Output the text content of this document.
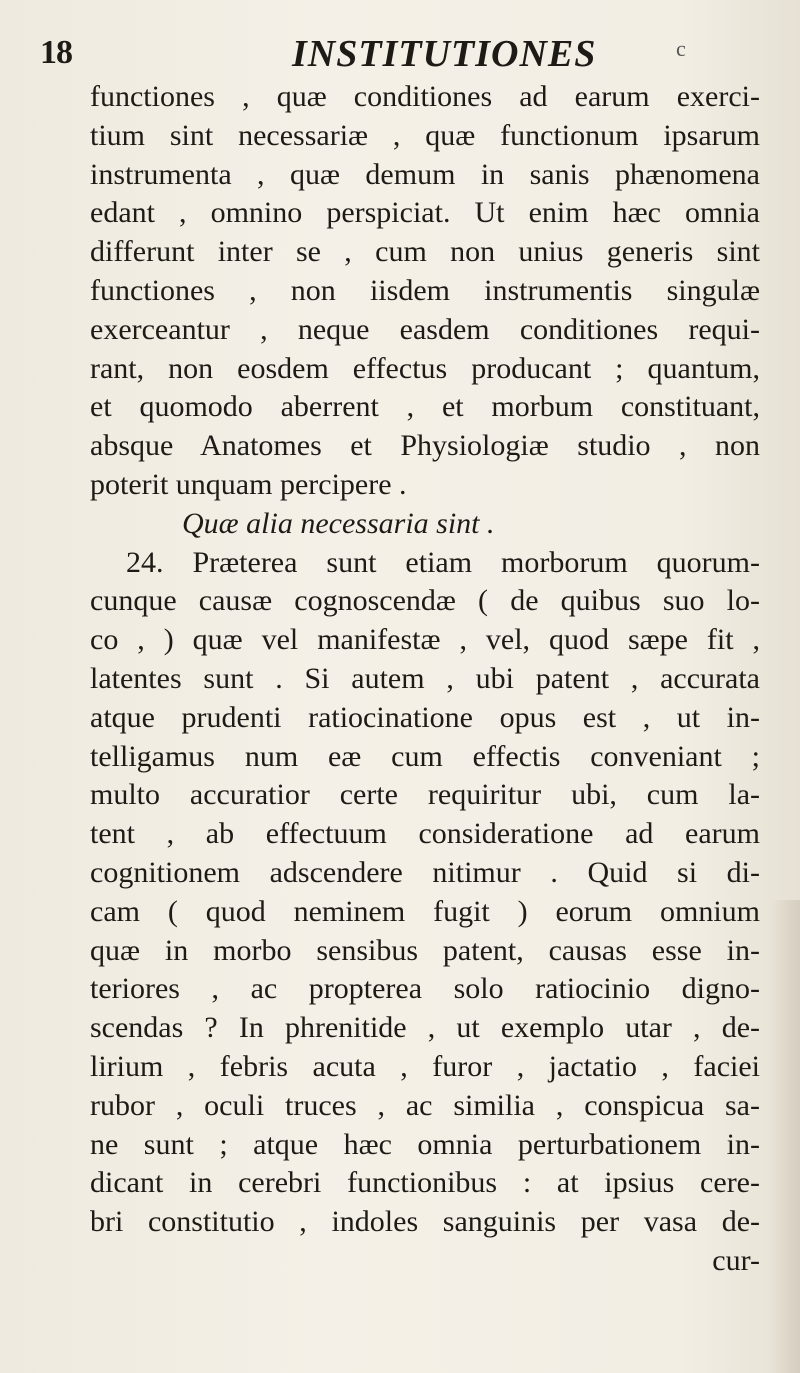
18	INSTITUTIONES	c
functiones , quæ conditiones ad earum exerci-
tium sint necessariæ , quæ functionum ipsarum
instrumenta , quæ demum in sanis phænomena
edant , omnino perspiciat. Ut enim hæc omnia
differunt inter se , cum non unius generis sint
functiones , non iisdem instrumentis singulæ
exerceantur , neque easdem conditiones requi-
rant, non eosdem effectus producant ; quantum,
et quomodo aberrent , et morbum constituant,
absque Anatomes et Physiologiæ studio , non
poterit unquam percipere .
Quæ alia necessaria sint .
24. Præterea sunt etiam morborum quorum-
cunque causæ cognoscendæ ( de quibus suo lo-
co , ) quæ vel manifestæ , vel, quod sæpe fit ,
latentes sunt . Si autem , ubi patent , accurata
atque prudenti ratiocinatione opus est , ut in-
telligamus num eæ cum effectis conveniant ;
multo accuratior certe requiritur ubi, cum la-
tent , ab effectuum consideratione ad earum
cognitionem adscendere nitimur . Quid si di-
cam ( quod neminem fugit ) eorum omnium
quæ in morbo sensibus patent, causas esse in-
teriores , ac propterea solo ratiocinio digno-
scendas ? In phrenitide , ut exemplo utar , de-
lirium , febris acuta , furor , jactatio , faciei
rubor , oculi truces , ac similia , conspicua sa-
ne sunt ; atque hæc omnia perturbationem in-
dicant in cerebri functionibus : at ipsius cere-
bri constitutio , indoles sanguinis per vasa de-
cur-
